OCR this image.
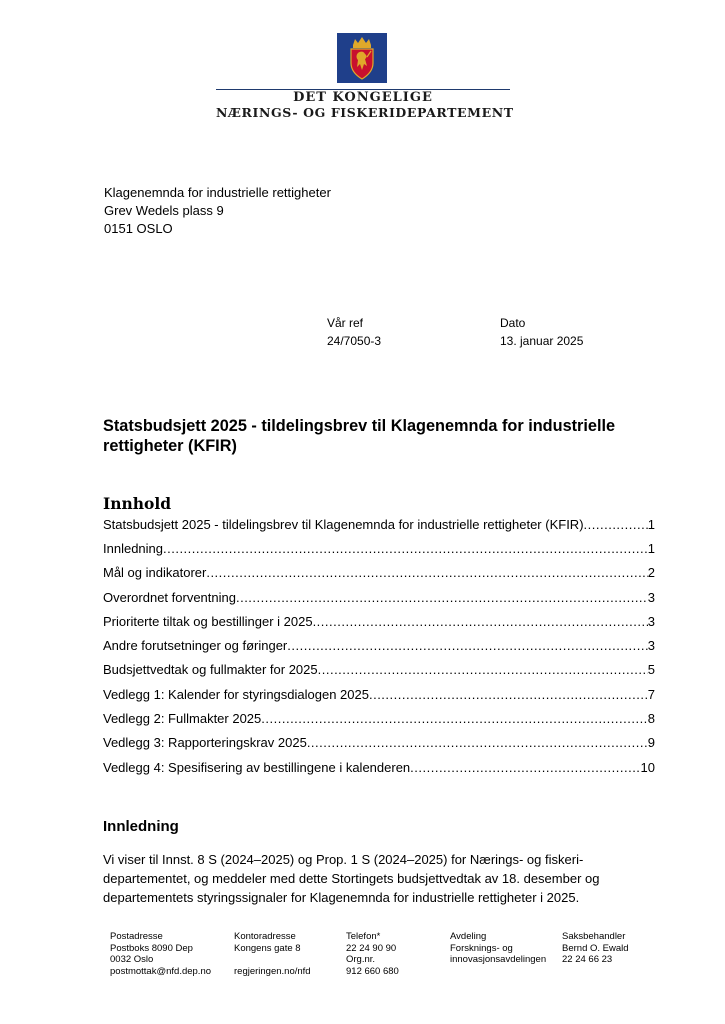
DET KONGELIGE
NÆRINGS- OG FISKERIDEPARTEMENT
Klagenemnda for industrielle rettigheter
Grev Wedels plass 9
0151 OSLO
Vår ref
24/7050-3
Dato
13. januar 2025
Statsbudsjett 2025 - tildelingsbrev til Klagenemnda for industrielle rettigheter (KFIR)
Innhold
Statsbudsjett 2025 - tildelingsbrev til Klagenemnda for industrielle rettigheter (KFIR) .....	1
Innledning .....	1
Mål og indikatorer .....	2
Overordnet forventning .....	3
Prioriterte tiltak og bestillinger i 2025 .....	3
Andre forutsetninger og føringer .....	3
Budsjettvedtak og fullmakter for 2025 .....	5
Vedlegg 1: Kalender for styringsdialogen 2025 .....	7
Vedlegg 2: Fullmakter 2025 .....	8
Vedlegg 3: Rapporteringskrav 2025 .....	9
Vedlegg 4: Spesifisering av bestillingene i kalenderen .....	10
Innledning

Vi viser til Innst. 8 S (2024–2025) og Prop. 1 S (2024–2025) for Nærings- og fiskeri-
departementet, og meddeler med dette Stortingets budsjettvedtak av 18. desember og
departementets styringssignaler for Klagenemnda for industrielle rettigheter i 2025.

Postadresse
Postboks 8090 Dep
0032 Oslo
postmottak@nfd.dep.no
Kontoradresse
Kongens gate 8
regjeringen.no/nfd
Telefon*
22 24 90 90
Org.nr.
912 660 680
Avdeling
Forsknings- og
innovasjonsavdelingen
Saksbehandler
Bernd O. Ewald
22 24 66 23
